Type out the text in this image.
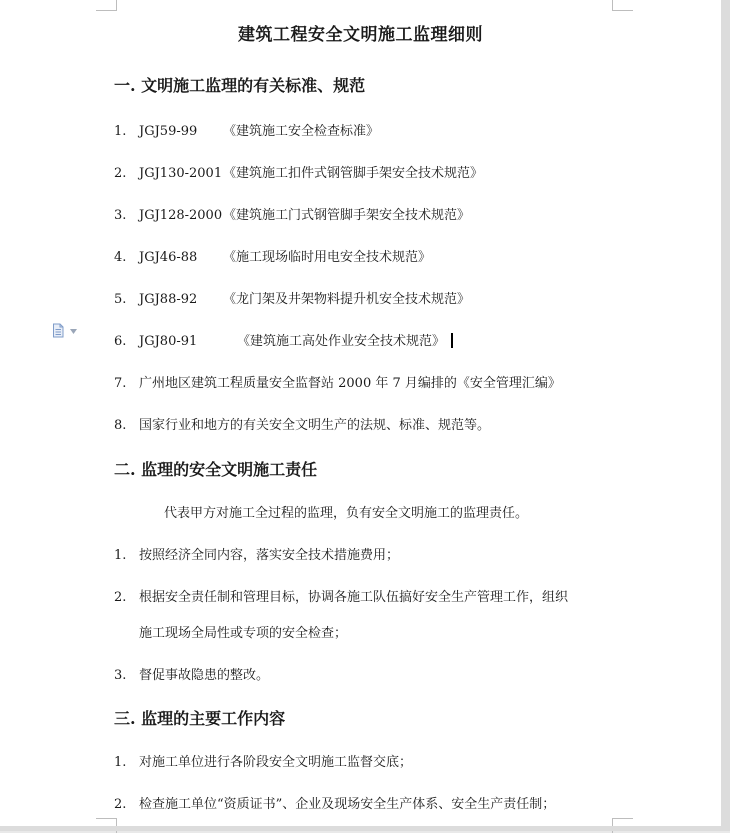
建筑工程安全文明施工监理细则
一. 文明施工监理的有关标准、规范
1. JGJ59-99 《建筑施工安全检查标准》
2. JGJ130-2001《建筑施工扣件式钢管脚手架安全技术规范》
3. JGJ128-2000《建筑施工门式钢管脚手架安全技术规范》
4. JGJ46-88 《施工现场临时用电安全技术规范》
5. JGJ88-92 《龙门架及井架物料提升机安全技术规范》
6. JGJ80-91	《建筑施工高处作业安全技术规范》
7. 广州地区建筑工程质量安全监督站 2000 年 7 月编排的《安全管理汇编》
8. 国家行业和地方的有关安全文明生产的法规、标准、规范等。
二. 监理的安全文明施工责任
代表甲方对施工全过程的监理，负有安全文明施工的监理责任。
1. 按照经济全同内容，落实安全技术措施费用；
2. 根据安全责任制和管理目标，协调各施工队伍搞好安全生产管理工作，组织
施工现场全局性或专项的安全检查；
3. 督促事故隐患的整改。
三. 监理的主要工作内容
1. 对施工单位进行各阶段安全文明施工监督交底；
2. 检查施工单位“资质证书”、企业及现场安全生产体系、安全生产责任制；
